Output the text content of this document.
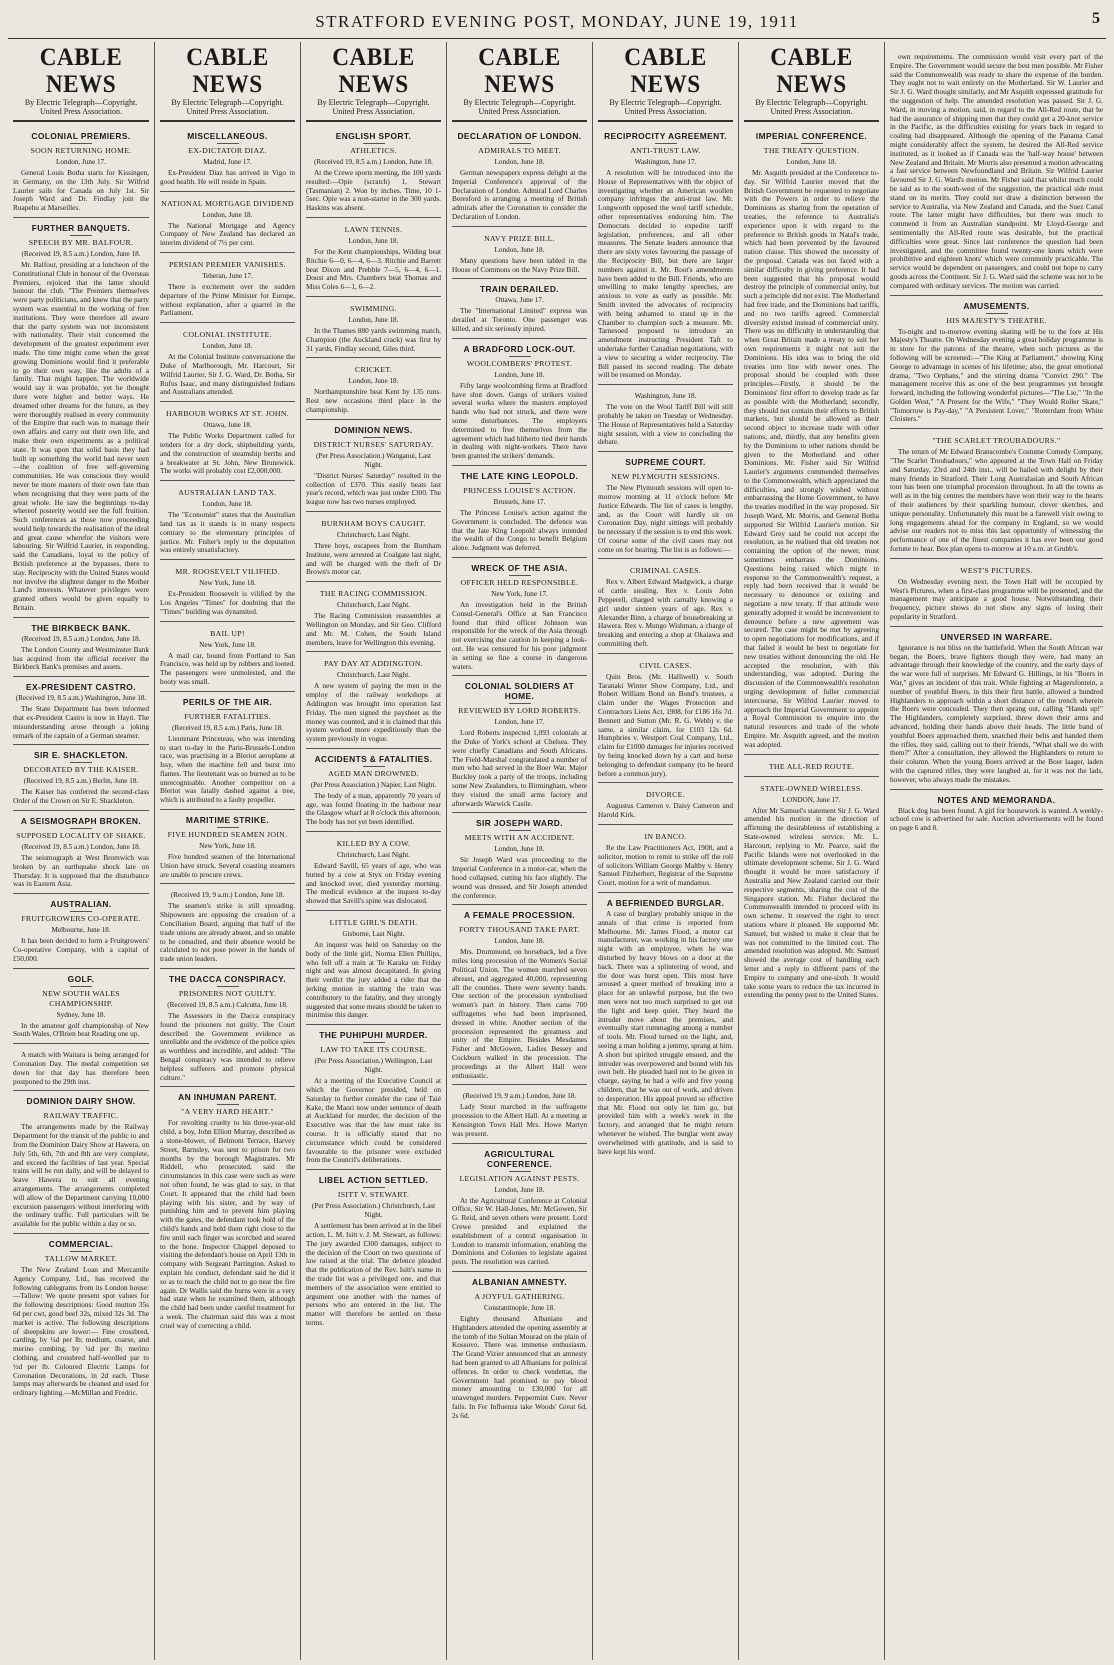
STRATFORD EVENING POST, MONDAY, JUNE 19, 1911	5
CABLE NEWS
By Electric Telegraph—Copyright. United Press Association.
COLONIAL PREMIERS.
SOON RETURNING HOME.
London, June 17.

General Louis Botha starts for Kissingen, in Germany, on the 13th July. Sir Wilfrid Laurier sails for Canada on July 1st. Sir Joseph Ward and Dr. Findlay join the Ruapehu at Marseilles.

FURTHER BANQUETS.
SPEECH BY MR. BALFOUR.
(Received 19, 8.5 a.m.) London, June 18.

Mr. Balfour, presiding at a luncheon of the Constitutional Club in honour of the Overseas Premiers, rejoiced that the latter should honour the club. "The Premiers themselves were party politicians, and knew that the party system was essential to the working of free institutions. They were therefore all aware that the party system was not inconsistent with nationality. Their visit concerned the development of the greatest experiment ever made. The time might come when the great growing Dominions would find it preferable to go their own way, like the adults of a family. That might happen. The worldwide would say it was probable, yet he thought there were higher and better ways. He dreamed other dreams for the future, as they were thoroughly realised in every community of the Empire that each was to manage their own affairs and carry out their own life, and make their own experiments as a political state. It was upon that solid basis they had built up something the world had never seen—the coalition of free self-governing communities. He was conscious they would never be more masters of their own fate than when recognising that they were parts of the great whole. He saw the beginnings to-day whereof posterity would see the full fruition. Such conferences as those now proceeding would help towards the realisation of the ideal and great cause wherefor the visitors were labouring. Sir Wilfrid Laurier, in responding, said the Canadians, loyal to the policy of British preference at the bypasses, there to stay. Reciprocity with the United States would not involve the slightest danger to the Mother Land's interests. Whatever privileges were granted others would be given equally to Britain.

THE BIRKBECK BANK.
(Received 19, 8.5 a.m.) London, June 18.

The London County and Westminster Bank has acquired from the official receiver the Birkbeck Bank's premises and assets.

EX-PRESIDENT CASTRO.
(Received 19, 8.5 a.m.) Washington, June 18.

The State Department has been informed that ex-President Castro is now in Hayti. The misunderstanding arose through a joking remark of the captain of a German steamer.

SIR E. SHACKLETON.
DECORATED BY THE KAISER.
(Received 19, 8.5 a.m.) Berlin, June 18.

The Kaiser has conferred the second-class Order of the Crown on Sir E. Shackleton.

A SEISMOGRAPH BROKEN.
SUPPOSED LOCALITY OF SHAKE.
(Received 19, 8.5 a.m.) London, June 18.

The seismograph at West Bromwich was broken by an earthquake shock late on Thursday. It is supposed that the disturbance was in Eastern Asia.

AUSTRALIAN.
FRUITGROWERS CO-OPERATE.
Melbourne, June 18.

It has been decided to form a Fruitgrowers' Co-operative Company, with a capital of £50,000.

GOLF.
NEW SOUTH WALES CHAMPIONSHIP.
Sydney, June 18.

In the amateur golf championship of New South Wales, O'Brien beat Reading one up.

A match with Waitara is being arranged for Coronation Day. The medal competition set down for that day has therefore been postponed to the 29th inst.

DOMINION DAIRY SHOW.
RAILWAY TRAFFIC.

The arrangements made by the Railway Department for the transit of the public to and from the Dominion Dairy Show at Hawera, on July 5th, 6th, 7th and 8th are very complete, and exceed the facilities of last year. Special trains will be run daily, and will be delayed to leave Hawera to suit all evening arrangements. The arrangements completed will allow of the Department carrying 10,000 excursion passengers without interfering with the ordinary traffic. Full particulars will be available for the public within a day or so.

COMMERCIAL.
TALLOW MARKET.

The New Zealand Loan and Mercantile Agency Company, Ltd., has received the following cablegrams from its London house:—Tallow: We quote present spot values for the following descriptions: Good mutton 35s 6d per cwt, good beef 32s, mixed 32s 3d. The market is active. The following descriptions of sheepskins are lower:— Fine crossbred, carding, by ¼d per lb; medium, coarse, and merino combing, by ¼d per lb; merino clothing, and crossbred half-woolled par to ½d per lb. Coloured Electric Lamps for Coronation Decorations, in 2d each. These lamps may afterwards be cleaned and used for ordinary lighting.—McMillan and Fredric.

CABLE NEWS
By Electric Telegraph—Copyright. United Press Association.
MISCELLANEOUS.
EX-DICTATOR DIAZ.
Madrid, June 17.

Ex-President Diaz has arrived in Vigo in good health. He will reside in Spain.

NATIONAL MORTGAGE DIVIDEND
London, June 18.

The National Mortgage and Agency Company of New Zealand has declared an interim dividend of 7½ per cent.

PERSIAN PREMIER VANISHES.
Teheran, June 17.

There is excitement over the sudden departure of the Prime Minister for Europe, without explanation, after a quarrel in the Parliament.

COLONIAL INSTITUTE.
London, June 18.

At the Colonial Institute conversazione the Duke of Marlborough, Mr. Harcourt, Sir Wilfrid Laurier, Sir J. G. Ward, Dr. Botha, Sir Rufus Isaac, and many distinguished Indians and Australians attended.

HARBOUR WORKS AT ST. JOHN.
Ottawa, June 18.

The Public Works Department called for tenders for a dry dock, shipbuilding yards, and the construction of steamship berths and a breakwater at St. John, New Brunswick. The works will probably cost £2,000,000.

AUSTRALIAN LAND TAX.
London, June 18.

The "Economist" states that the Australian land tax as it stands is in many respects contrary to the elementary principles of justice. Mr. Fisher's reply to the deputation was entirely unsatisfactory.

MR. ROOSEVELT VILIFIED.
New York, June 18.

Ex-President Roosevelt is vilified by the Los Angeles "Times" for doubting that the "Times" building was dynamited.

BAIL UP!
New York, June 18.

A mail car, bound from Portland to San Francisco, was held up by robbers and looted. The passengers were unmolested, and the booty was small.

PERILS OF THE AIR.
FURTHER FATALITIES.
(Received 19, 8.5 a.m.) Paris, June 18.

Lieutenant Princeteau, who was intending to start to-day in the Paris-Brussels-London race, was practising in a Bleriot aeroplane at Issy, when the machine fell and burst into flames. The lieutenant was so burned as to be unrecognisable. Another competitor on a Bleriot was fatally dashed against a tree, which is attributed to a faulty propeller.

MARITIME STRIKE.
FIVE HUNDRED SEAMEN JOIN.
New York, June 18.

Five hundred seamen of the International Union have struck. Several coasting steamers are unable to procure crews.

(Received 19, 9 a.m.) London, June 18.

The seamen's strike is still spreading. Shipowners are opposing the creation of a Conciliation Board, arguing that half of the trade unions are already absent, and so unable to be consulted, and their absence would be calculated to not pose power in the hands of trade union leaders.

THE DACCA CONSPIRACY.
PRISONERS NOT GUILTY.
(Received 19, 8.5 a.m.) Calcutta, June 18.

The Assessors in the Dacca conspiracy found the prisoners not guilty. The Court described the Government evidence as unreliable and the evidence of the police spies as worthless and incredible, and added: "The Bengal conspiracy was intended to relieve helpless sufferers and promote physical culture."

AN INHUMAN PARENT.
"A VERY HARD HEART."

For revolting cruelty to his three-year-old child, a boy, John Elliott Murray, described as a stone-blower, of Belmont Terrace, Harvey Street, Barnsley, was sent to prison for two months by the borough Magistrates. Mr Riddell, who prosecuted, said the circumstances in this case were such as were not often found, he was glad to say, in that Court. It appeared that the child had been playing with his sister, and by way of punishing him and to prevent him playing with the gates, the defendant took hold of the child's hands and held them right close to the fire until each finger was scorched and seared to the bone. Inspector Chappel deposed to visiting the defendant's house on April 13th in company with Sergeant Partington. Asked to explain his conduct, defendant said he did it so as to teach the child not to go near the fire again. Dr Wallis said the burns were in a very bad state when he examined them, although the child had been under careful treatment for a week. The chairman said this was a most cruel way of correcting a child.

CABLE NEWS
By Electric Telegraph—Copyright. United Press Association.
ENGLISH SPORT.
ATHLETICS.
(Received 19, 8.5 a.m.) London, June 18.

At the Crewe sports meeting, the 100 yards resulted:—Opie (scratch) 1, Stewart (Tasmanian) 2. Won by inches. Time, 10 1-5sec. Opie was a non-starter in the 300 yards. Haskins was absent.

LAWN TENNIS.
London, June 18.

For the Kent championships, Wilding beat Ritchie 6—0, 6—4, 6—3. Ritchie and Barrett beat Dixon and Prebble 7—5, 6—4, 6—1. Doust and Mrs. Chambers beat Thomas and Miss Coles 6—1, 6—2.

SWIMMING.
London, June 18.

In the Thames 880 yards swimming match, Champion (the Auckland crack) was first by 31 yards, Findlay second, Giles third.

CRICKET.
London, June 18.

Northamptonshire beat Kent by 135 runs. Rest new occasions third place in the championship.

DOMINION NEWS.
DISTRICT NURSES' SATURDAY.
(Per Press Association.) Wanganui, Last Night.

"District Nurses' Saturday" resulted in the collection of £370. This easily beats last year's record, which was just under £300. The league now has two nurses employed.

BURNHAM BOYS CAUGHT.
Christchurch, Last Night.

Three boys, escapees from the Burnham Institute, were arrested at Coalgate last night, and will be charged with the theft of Dr Brown's motor car.

THE RACING COMMISSION.
Christchurch, Last Night.

The Racing Commission reassembles at Wellington on Monday, and Sir Geo. Clifford and Mr. M. Cohen, the South Island members, leave for Wellington this evening.

PAY DAY AT ADDINGTON.
Christchurch, Last Night.

A new system of paying the men in the employ of the railway workshops at Addington was brought into operation last Friday. The men signed the paysheet as the money was counted, and it is claimed that this system worked more expeditiously than the system previously in vogue.

ACCIDENTS & FATALITIES.
AGED MAN DROWNED.
(Per Press Association.) Napier, Last Night.

The body of a man, apparently 70 years of age, was found floating in the harbour near the Glasgow wharf at 8 o'clock this afternoon. The body has not yet been identified.

KILLED BY A COW.
Christchurch, Last Night.

Edward Savill, 65 years of age, who was butted by a cow at Styx on Friday evening and knocked over, died yesterday morning. The medical evidence at the inquest to-day showed that Savill's spine was dislocated.

LITTLE GIRL'S DEATH.
Gisborne, Last Night.

An inquest was held on Saturday on the body of the little girl, Norma Ellen Phillips, who fell off a train at Te Karaka on Friday night and was almost decapitated. In giving their verdict the jury added a rider that the jerking motion in starting the train was contributory to the fatality, and they strongly suggested that some means should be taken to minimise this danger.

THE PUHIPUHI MURDER.
LAW TO TAKE ITS COURSE.
(Per Press Association.) Wellington, Last Night.

At a meeting of the Executive Council at which the Governor presided, held on Saturday to further consider the case of Taié Kake, the Maori now under sentence of death at Auckland for murder, the decision of the Executive was that the law must take its course. It is officially stated that no circumstance which could be considered favourable to the prisoner were excluded from the Council's deliberations.

LIBEL ACTION SETTLED.
ISITT V. STEWART.
(Per Press Association.) Christchurch, Last Night.

A settlement has been arrived at in the libel action, L. M. Isitt v. J. M. Stewart, as follows: The jury awarded £300 damages, subject to the decision of the Court on two questions of law raised at the trial. The defence pleaded that the publication of the Rev. Isitt's name in the trade list was a privileged one, and that members of the association were entitled to argument one another with the names of persons who are entered in the list. The matter will therefore be settled on these terms.

CABLE NEWS
By Electric Telegraph—Copyright. United Press Association.
DECLARATION OF LONDON.
ADMIRALS TO MEET.
London, June 18.

German newspapers express delight at the Imperial Conference's approval of the Declaration of London. Admiral Lord Charles Beresford is arranging a meeting of British admirals after the Coronation to consider the Declaration of London.

NAVY PRIZE BILL.
London, June 18.

Many questions have been tabled in the House of Commons on the Navy Prize Bill.

TRAIN DERAILED.
Ottawa, June 17.

The "International Limited" express was derailed at Toronto. One passenger was killed, and six seriously injured.

A BRADFORD LOCK-OUT.
WOOLCOMBERS' PROTEST.
London, June 18.

Fifty large woolcombing firms at Bradford have shut down. Gangs of strikers visited several works where the masters employed hands who had not struck, and there were some disturbances. The employers determined to free themselves from the agreement which had hitherto tied their hands in dealing with night-workers. There have been granted the strikers' demands.

THE LATE KING LEOPOLD.
PRINCESS LOUISE'S ACTION.
Brussels, June 17.

The Princess Louise's action against the Government is concluded. The defence was that the late King Leopold always intended the wealth of the Congo to benefit Belgium alone. Judgment was deferred.

WRECK OF THE ASIA.
OFFICER HELD RESPONSIBLE.
New York, June 17.

An investigation held in the British Consul-General's Office at San Francisco found that third officer Johnson was responsible for the wreck of the Asia through not exercising due caution in keeping a look-out. He was censured for his poor judgment in setting so fine a course in dangerous waters.

COLONIAL SOLDIERS AT HOME.
REVIEWED BY LORD ROBERTS.
London, June 17.

Lord Roberts inspected 1,093 colonials at the Duke of York's school at Chelsea. They were chiefly Canadians and South Africans. The Field-Marshal congratulated a number of men who had served in the Boer War. Major Buckley took a party of the troops, including some New Zealanders, to Birmingham, where they visited the small arms factory and afterwards Warwick Castle.

SIR JOSEPH WARD.
MEETS WITH AN ACCIDENT.
London, June 18.

Sir Joseph Ward was proceeding to the Imperial Conference in a motor-car, when the hood collapsed, cutting his face slightly. The wound was dressed, and Sir Joseph attended the conference.

A FEMALE PROCESSION.
FORTY THOUSAND TAKE PART.
London, June 18.

Mrs. Drummond, on horseback, led a five miles long procession of the Women's Social Political Union. The women marched seven abreast, and aggregated 40,000, representing all the counties. There were seventy bands. One section of the procession symbolised women's part in history. Then came 700 suffragettes who had been imprisoned, dressed in white. Another section of the procession represented the greatness and unity of the Empire. Besides Mesdames Fisher and McGowen, Ladies Bessey and Cockburn walked in the procession. The proceedings at the Albert Hall were enthusiastic.

(Received 19, 9 a.m.) London, June 18.

Lady Stout marched in the suffragette procession to the Albert Hall. At a meeting at Kensington Town Hall Mrs. Howe Martyn was present.

AGRICULTURAL CONFERENCE.
LEGISLATION AGAINST PESTS.
London, June 18.

At the Agricultural Conference at Colonial Office, Sir W. Hall-Jones, Mr. McGowen, Sir G. Reid, and seven others were present. Lord Crewe presided and explained the establishment of a central organisation in London to transmit information, enabling the Dominions and Colonies to legislate against pests. The resolution was carried.

ALBANIAN AMNESTY.
A JOYFUL GATHERING.
Constantinople, June 18.

Eighty thousand Albanians and Highlanders attended the opening assembly at the tomb of the Sultan Mourad on the plain of Kossovo. There was immense enthusiasm. The Grand Vizier announced that an amnesty had been granted to all Albanians for political offences. In order to check vendettas, the Government had promised to pay blood money amounting to £30,000 for all unavenged murders. Peppermint Cure. Never fails. In Fer Influenza take Woods' Great 6d, 2s 6d.

CABLE NEWS
By Electric Telegraph—Copyright. United Press Association.
RECIPROCITY AGREEMENT.
ANTI-TRUST LAW.
Washington, June 17.

A resolution will be introduced into the House of Representatives with the object of investigating whether an American woollen company infringes the anti-trust law. Mr. Longworth opposed the wool tariff schedule, other representatives endorsing him. The Democrats decided to expedite tariff legislation, preferences, and all other measures. The Senate leaders announce that there are sixty votes favouring the passage of the Reciprocity Bill, but there are larger numbers against it. Mr. Root's amendments have been added to the Bill. Friends, who are unwilling to make lengthy speeches, are anxious to vote as early as possible. Mr. Smith invited the advocates of reciprocity with being ashamed to stand up in the Chamber to champion such a measure. Mr. Tarnesoed proposed to introduce an amendment instructing President Taft to undertake further Canadian negotiations, with a view to securing a wider reciprocity. The Bill passed its second reading. The debate will be resumed on Monday.

Washington, June 18.

The vote on the Wool Tariff Bill will still probably be taken on Tuesday or Wednesday. The House of Representatives held a Saturday night session, with a view to concluding the debate.

SUPREME COURT.
NEW PLYMOUTH SESSIONS.

The New Plymouth sessions will open to-morrow morning at 11 o'clock before Mr Justice Edwards. The list of cases is lengthy, and, as the Court will hardly sit on Coronation Day, night sittings will probably be necessary if the session is to end this week. Of course some of the civil cases may not come on for hearing. The list is as follows:—

CRIMINAL CASES.

Rex v. Albert Edward Madgwick, a charge of cattle stealing. Rex v. Louis John Pepperell, charged with carnally knowing a girl under sixteen years of age. Rex v. Alexander Binn, a charge of housebreaking at Hawera. Rex v. Mungo Wishman, a charge of breaking and entering a shop at Okaiawa and committing theft.

CIVIL CASES.

Quin Bros. (Mr. Halliwell) v. South Taranaki Winter Show Company, Ltd., and Robert William Bond on Bond's trustees, a claim under the Wages Protection and Contractors Liens Act, 1908, for £186 16s 7d. Bennett and Sutton (Mr. R. G. Webb) v. the same, a similar claim, for £103 12s 6d. Humphries v. Westport Coal Company, Ltd., claim for £1000 damages for injuries received by being knocked down by a cart and horse belonging to defendant company (to be heard before a common jury).

DIVORCE.

Augustus Cameron v. Daisy Cameron and Harold Kirk.

IN BANCO.

Re the Law Practitioners Act, 1908, and a solicitor, motion to remit to strike off the roll of solicitors William George Maltby v. Henry Samuel Fitzherbert, Registrar of the Supreme Court, motion for a writ of mandamus.

A BEFRIENDED BURGLAR.

A case of burglary probably unique in the annals of that crime is reported from Melbourne. Mr. James Flood, a motor car manufacturer, was working in his factory one night with an employee, when he was disturbed by heavy blows on a door at the back. There was a splintering of wood, and the door was burst open. This must have aroused a queer method of breaking into a place for an unlawful purpose, but the two men were not too much surprised to get out the light and keep quiet. They heard the intruder move about the premises, and eventually start rummaging among a number of tools. Mr. Flood turned on the light, and, seeing a man holding a jemmy, sprang at him. A short but spirited struggle ensued, and the intruder was overpowered and bound with his own belt. He pleaded hard not to be given in charge, saying he had a wife and five young children, that he was out of work, and driven to desperation. His appeal proved so effective that Mr. Flood not only let him go, but provided him with a week's work in the factory, and arranged that he might return whenever he wished. The burglar went away overwhelmed with gratitude, and is said to have kept his word.

CABLE NEWS
By Electric Telegraph—Copyright. United Press Association.
IMPERIAL CONFERENCE.
THE TREATY QUESTION.
London, June 18.

Mr. Asquith presided at the Conference to-day. Sir Wilfrid Laurier moved that the British Government be requested to negotiate with the Powers in order to relieve the Dominions as sharing from the operation of treaties, the reference to Australia's experience upon it with regard to the preference to British goods in Natal's trade, which had been prevented by the favoured nation clause. This showed the necessity of the proposal. Canada was not faced with a similar difficulty in giving preference. It had been suggested that his proposal would destroy the principle of commercial unity, but such a principle did not exist. The Motherland had free trade, and the Dominions had tariffs, and no two tariffs agreed. Commercial diversity existed instead of commercial unity. There was no difficulty in understanding that when Great Britain made a treaty to suit her own requirements it might not suit the Dominions. His idea was to bring the old treaties into line with newer ones. The proposal should be coupled with three principles—Firstly, it should be the Dominions' first effort to develop trade as far as possible with the Motherland; secondly, they should not contain their efforts to British markets, but should be allowed as their second object to increase trade with other nations; and, thirdly, that any benefits given by the Dominions to other nations should be given to the Motherland and other Dominions. Mr. Fisher said Sir Wilfrid Laurier's arguments commended themselves to the Commonwealth, which appreciated the difficulties, and strongly wished without embarrassing the Home Government, to have the treaties modified in the way proposed. Sir Joseph Ward, Mr. Morris, and General Botha supported Sir Wilfrid Laurier's motion. Sir Edward Grey said he could not accept the resolution, as he realised that old treaties not containing the option of the newer, must sometimes embarrass the Dominions. Questions being raised which might in response to the Commonwealth's request, a reply had been received that it would be necessary to denounce or existing and negotiate a new treaty. If that attitude were generally adopted it would be inconvenient to denounce before a new agreement was secured. The case might be met by agreeing to open negotiations for modifications, and if that failed it would be best to negotiate for new treaties without denouncing the old. He accepted the resolution, with this understanding, was adopted. During the discussion of the Commonwealth's resolution urging development of fuller commercial intercourse, Sir Wilfrid Laurier moved to approach the Imperial Government to appoint a Royal Commission to enquire into the natural resources and trade of the whole Empire. Mr. Asquith agreed, and the motion was adopted.

THE ALL-RED ROUTE.
STATE-OWNED WIRELESS.
LONDON, June 17.

After Mr Samuel's statement Sir J. G. Ward amended his motion in the direction of affirming the desirableness of establishing a State-owned wireless service. Mr. L. Harcourt, replying to Mr. Pearce, said the Pacific Islands were not overlooked in the ultimate development scheme. Sir J. G. Ward thought it would be more satisfactory if Australia and New Zealand carried out their respective segments, sharing the cost of the Singapore station. Mr. Fisher declared the Commonwealth intended to proceed with its own scheme. It reserved the right to erect stations where it pleased. He supported Mr. Samuel, but wished to make it clear that he was not committed to the limited cost. The amended resolution was adopted. Mr. Samuel showed the average cost of handling each letter and a reply to different parts of the Empire to company and one-sixth. It would take some years to reduce the tax incurred in extending the penny post to the United States.

own requirements. The commission would visit every part of the Empire. The Government would secure the best men possible. Mr Fisher said the Commonwealth was ready to share the expense of the burden. They ought not to wait entirely on the Motherland. Sir W. Laurier and Sir J. G. Ward thought similarly, and Mr Asquith expressed gratitude for the suggestion of help. The amended resolution was passed. Sir J. G. Ward, in moving a motion, said, in regard to the All-Red route, that he had the assurance of shipping men that they could get a 20-knot service in the Pacific, as the difficulties existing for years back in regard to coaling had disappeared. Although the opening of the Panama Canal might considerably affect the system, he desired the All-Red service instituted, as it looked as if Canada was the 'half-way house' between New Zealand and Britain. Mr Morris also presented a motion advocating a fast service between Newfoundland and Britain. Sir Wilfrid Laurier favoured Sir J. G. Ward's motion. Mr Fisher said that whilst much could be said as to the south-west of the suggestion, the practical side must stand on its merits. They could not draw a distinction between the service to Australia, via New Zealand and Canada, and the Suez Canal route. The latter might have difficulties, but there was much to commend it from an Australian standpoint. Mr Lloyd-George and sentimentally the All-Red route was desirable, but the practical difficulties were great. Since last conference the question had been investigated, and the committee found twenty-one knots which were prohibitive and eighteen knots' which were commonly practicable. The service would be dependent on passengers, and could not hope to carry goods across the Continent. Sir J. G. Ward said the scheme was not to be compared with ordinary services. The motion was carried.

AMUSEMENTS.
HIS MAJESTY'S THEATRE.

To-night and to-morrow evening skating will be to the fore at His Majesty's Theatre. On Wednesday evening a great holiday programme is in store for the patrons of the theatre, when such pictures as the following will be screened:—"The King at Parliament," showing King George to advantage in scenes of his lifetime; also, the great emotional drama, "Two Orphans," and the stirring drama "Convict 290." The management receive this as one of the best programmes yet brought forward, including the following wonderful pictures—"The Lie," "In the Golden West," "A Present for the Wife," "They Would Roller Skate," "Tomorrow is Pay-day," "A Persistent Lover," "Rotterdam from White Cloisters."

"THE SCARLET TROUBADOURS."

The return of Mr Edward Branscombe's Costume Comedy Company, "The Scarlet Troubadours," who appeared at the Town Hall on Friday and Saturday, 23rd and 24th inst., will be hailed with delight by their many friends in Stratford. Their Long Australasian and South African tour has been one triumphal procession throughout. In all the towns as well as in the big centres the members have won their way to the hearts of their audiences by their sparkling humour, clever sketches, and unique personality. Unfortunately this must be a farewell visit owing to long engagements ahead for the company in England, so we would advise our readers not to miss this last opportunity of witnessing the performance of one of the finest companies it has ever been our good fortune to hear. Box plan opens to-morrow at 10 a.m. at Grubb's.

WEST'S PICTURES.

On Wednesday evening next, the Town Hall will be occupied by West's Pictures, when a first-class programme will be presented, and the management may anticipate a good house. Notwithstanding their frequency, picture shows do not show any signs of losing their popularity in Stratford.

UNVERSED IN WARFARE.

Ignorance is not bliss on the battlefield. When the South African war began, the Boers, brave fighters though they were, had many an advantage through their knowledge of the country, and the early days of the war were full of surprises. Mr Edward G. Hillings, in his "Boers in War," gives an incident of this trait. While fighting at Magersfontein, a number of youthful Boers, in this their first battle, allowed a hundred Highlanders to approach within a short distance of the trench wherein the Boers were concealed. They then sprang out, calling "Hands up!" The Highlanders, completely surprised, threw down their arms and advanced, holding their hands above their heads. The little band of youthful Boers approached them, snatched their belts and handed them the rifles, they said, calling out to their friends, "What shall we do with them?" After a consultation, they allowed the Highlanders to return to their column. When the young Boers arrived at the Boer laager, laden with the captured rifles, they were laughed at, for it was not the lads, however, who always made the mistakes.

NOTES AND MEMORANDA.

Black dog has been found. A girl for housework is wanted. A weekly-school cow is advertised for sale. Auction advertisements will be found on page 6 and 8.
